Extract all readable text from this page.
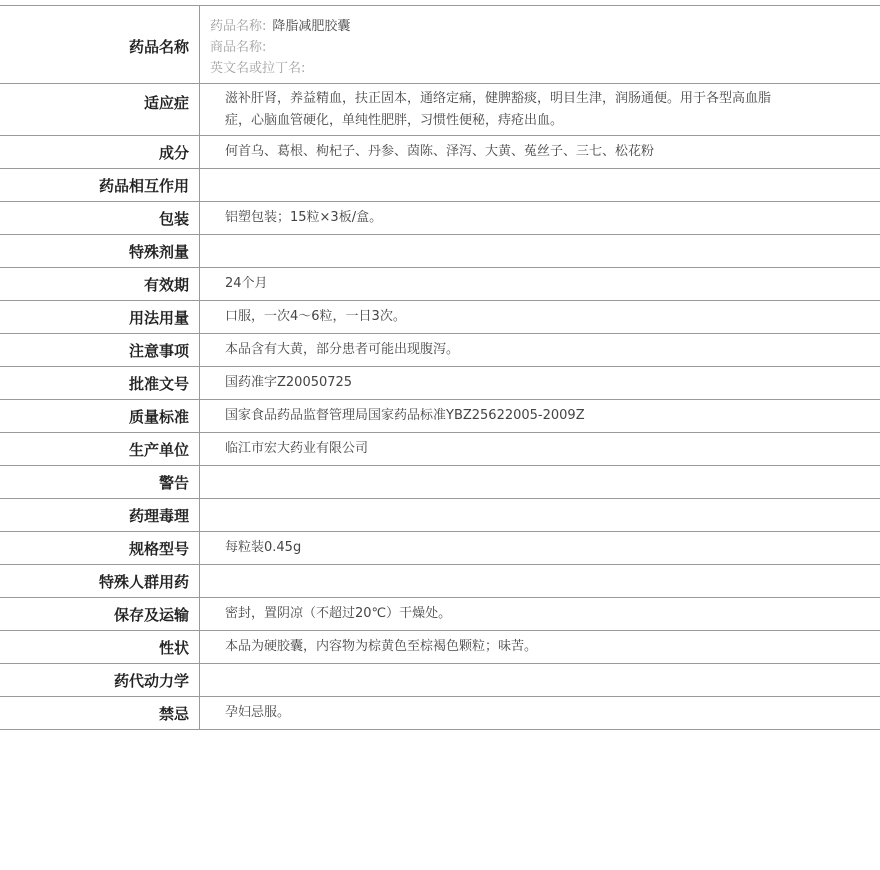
药品名称
药品名称: 降脂减肥胶囊
商品名称:
英文名或拉丁名:
适应症	滋补肝肾，养益精血，扶正固本，通络定痛，健脾豁痰，明目生津，润肠通便。用于各型高血脂症，心脑血管硬化，单纯性肥胖，习惯性便秘，痔疮出血。
成分	何首乌、葛根、枸杞子、丹参、茵陈、泽泻、大黄、菟丝子、三七、松花粉
药品相互作用
包装	铝塑包装；15粒×3板/盒。
特殊剂量
有效期	24个月
用法用量	口服，一次4～6粒，一日3次。
注意事项	本品含有大黄，部分患者可能出现腹泻。
批准文号	国药准字Z20050725
质量标准	国家食品药品监督管理局国家药品标准YBZ25622005-2009Z
生产单位	临江市宏大药业有限公司
警告
药理毒理
规格型号	每粒装0.45g
特殊人群用药
保存及运输	密封，置阴凉（不超过20℃）干燥处。
性状	本品为硬胶囊，内容物为棕黄色至棕褐色颗粒；味苦。
药代动力学
禁忌	孕妇忌服。
